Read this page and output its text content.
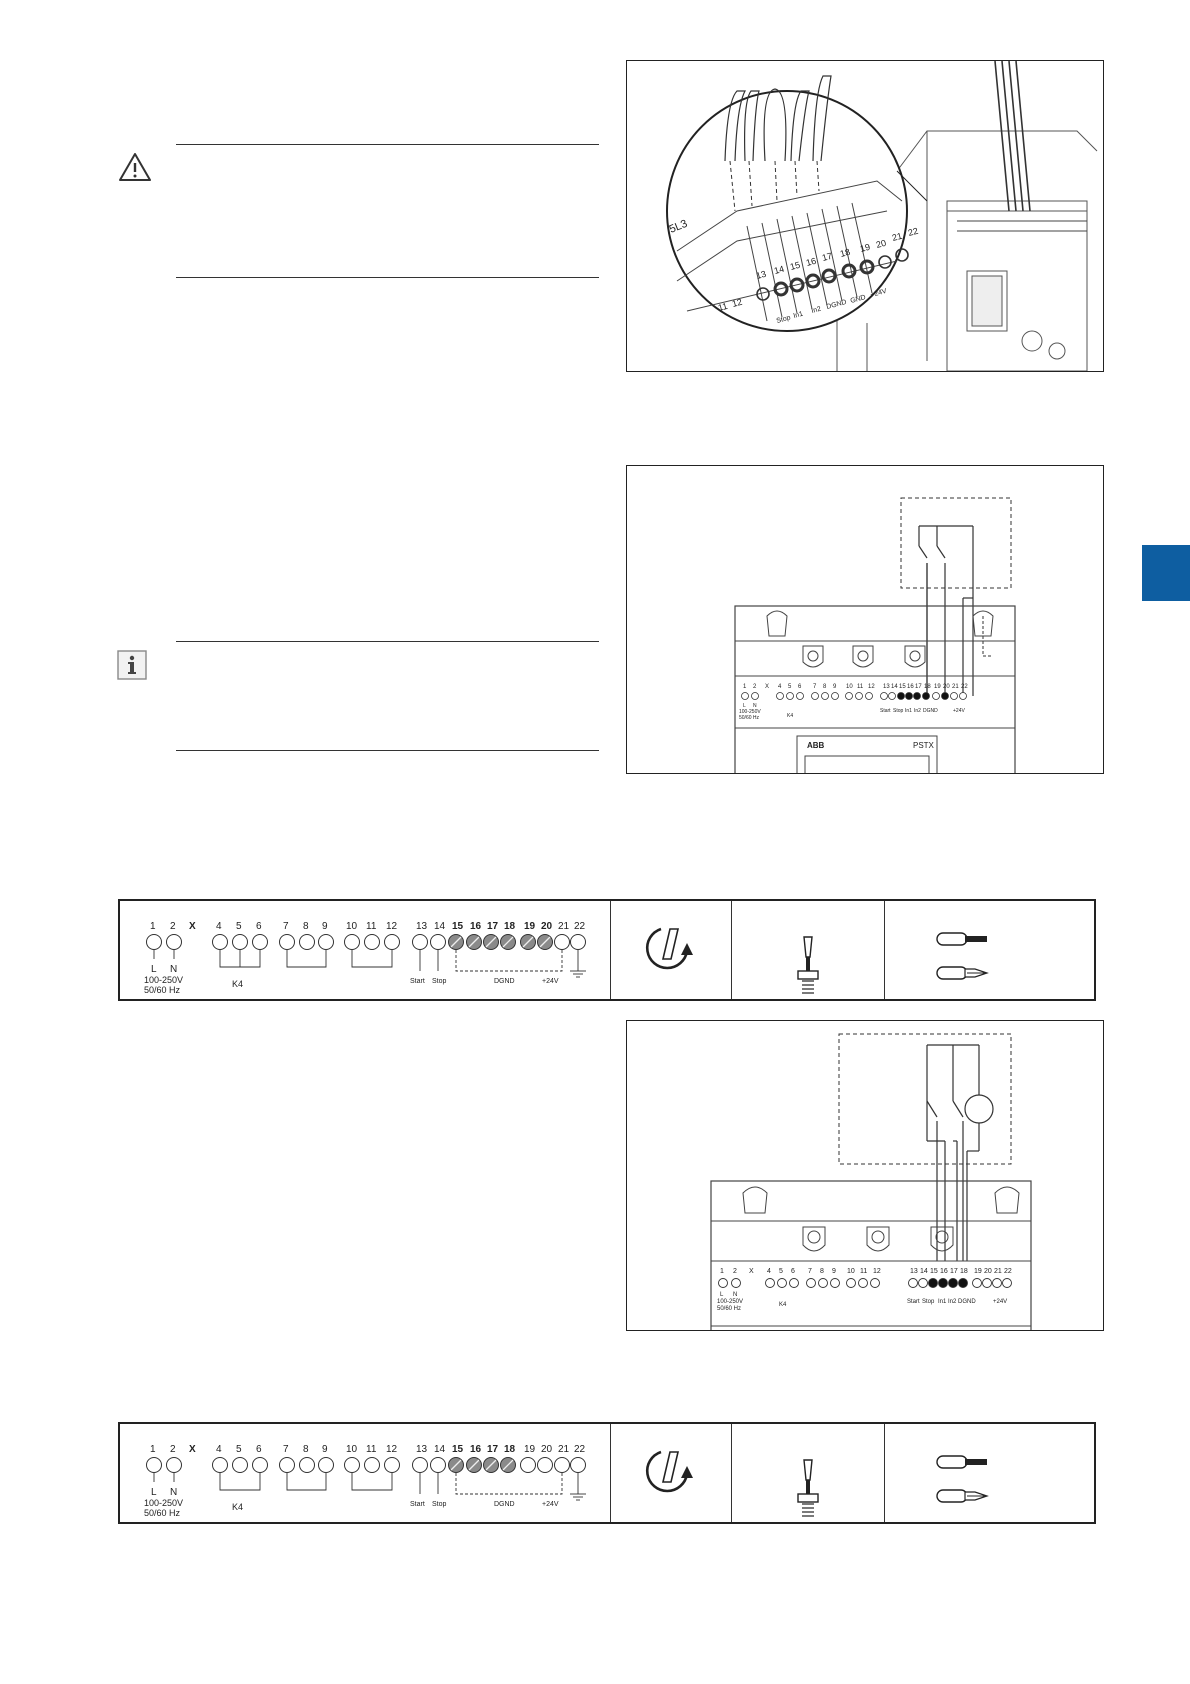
5L3
13 14 15 16 17 18 19 20
21 22
11 12
Stop In1
In2 DGND GND
+24V
1 2 X 4 5 6 7 8 9 10 11 12 13 14 15 16 17 18 19 20 21 22
L N
100-250V
50/60 Hz	K4
Start Stop In1 In2 DGND	+24V
ABB	PSTX
1 2 X 4 5 6 7 8 9 10 11 12	13 14 15 16 17 18 19 20 21 22
L N
100-250V
50/60 Hz
K4	Start Stop In1 In2 DGND	+24V
1 2 X 4 5 6 7 8 9 10 11 12 13 14 15 16 17 18 19 20 21 22
L N
100-250V
50/60 Hz
K4	Start Stop	DGND	+24V
1 2 X 4 5 6 7 8 9 10 11 12 13 14 15 16 17 18 19 20 21 22
L N
100-250V
50/60 Hz
K4	Start Stop	DGND	+24V
